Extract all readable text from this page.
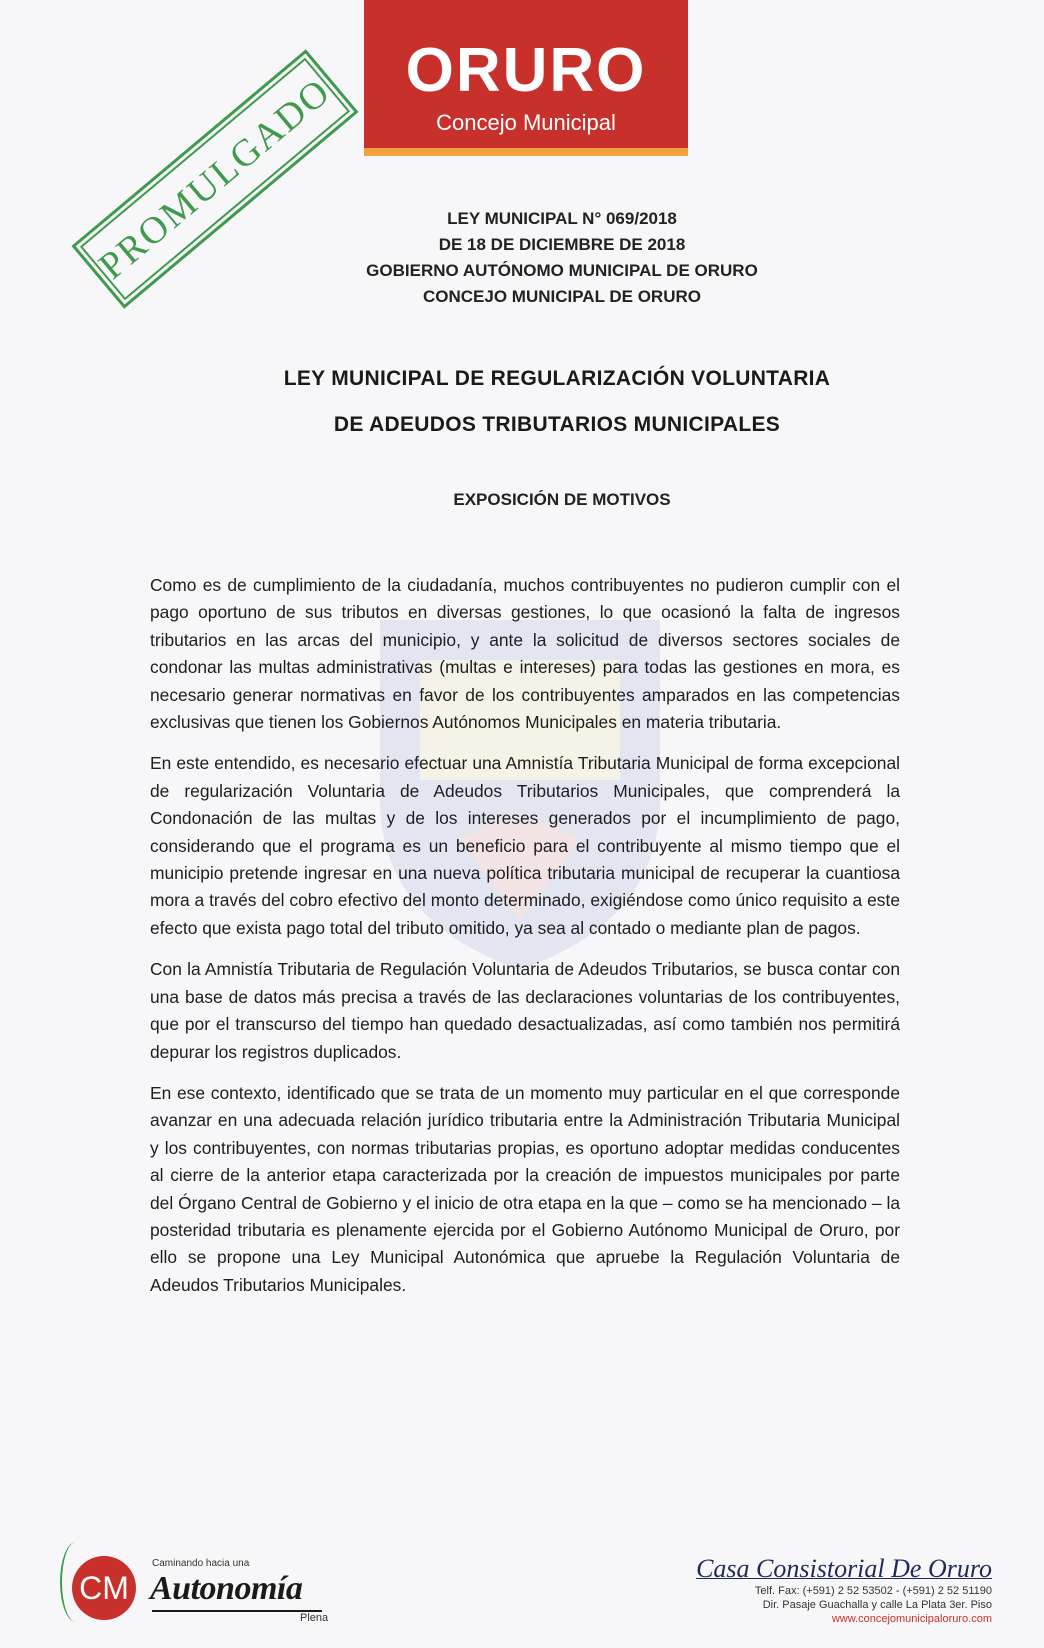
ORURO
Concejo Municipal
PROMULGADO	LEY MUNICIPAL N° 069/2018
DE 18 DE DICIEMBRE DE 2018
GOBIERNO AUTÓNOMO MUNICIPAL DE ORURO
CONCEJO MUNICIPAL DE ORURO
LEY MUNICIPAL DE REGULARIZACIÓN VOLUNTARIA
DE ADEUDOS TRIBUTARIOS MUNICIPALES
EXPOSICIÓN DE MOTIVOS

Como es de cumplimiento de la ciudadanía, muchos contribuyentes no pudieron cumplir con el pago oportuno de sus tributos en diversas gestiones, lo que ocasionó la falta de ingresos tributarios en las arcas del municipio, y ante la solicitud de diversos sectores sociales de condonar las multas administrativas (multas e intereses) para todas las gestiones en mora, es necesario generar normativas en favor de los contribuyentes amparados en las competencias exclusivas que tienen los Gobiernos Autónomos Municipales en materia tributaria.

En este entendido, es necesario efectuar una Amnistía Tributaria Municipal de forma excepcional de regularización Voluntaria de Adeudos Tributarios Municipales, que comprenderá la Condonación de las multas y de los intereses generados por el incumplimiento de pago, considerando que el programa es un beneficio para el contribuyente al mismo tiempo que el municipio pretende ingresar en una nueva política tributaria municipal de recuperar la cuantiosa mora a través del cobro efectivo del monto determinado, exigiéndose como único requisito a este efecto que exista pago total del tributo omitido, ya sea al contado o mediante plan de pagos.

Con la Amnistía Tributaria de Regulación Voluntaria de Adeudos Tributarios, se busca contar con una base de datos más precisa a través de las declaraciones voluntarias de los contribuyentes, que por el transcurso del tiempo han quedado desactualizadas, así como también nos permitirá depurar los registros duplicados.

En ese contexto, identificado que se trata de un momento muy particular en el que corresponde avanzar en una adecuada relación jurídico tributaria entre la Administración Tributaria Municipal y los contribuyentes, con normas tributarias propias, es oportuno adoptar medidas conducentes al cierre de la anterior etapa caracterizada por la creación de impuestos municipales por parte del Órgano Central de Gobierno y el inicio de otra etapa en la que – como se ha mencionado – la posteridad tributaria es plenamente ejercida por el Gobierno Autónomo Municipal de Oruro, por ello se propone una Ley Municipal Autonómica que apruebe la Regulación Voluntaria de Adeudos Tributarios Municipales.

CM
Caminando hacia una
Autonomía
Plena
Casa Consistorial De Oruro
Telf. Fax: (+591) 2 52 53502 - (+591) 2 52 51190
Dir. Pasaje Guachalla y calle La Plata 3er. Piso
www.concejomunicipaloruro.com
